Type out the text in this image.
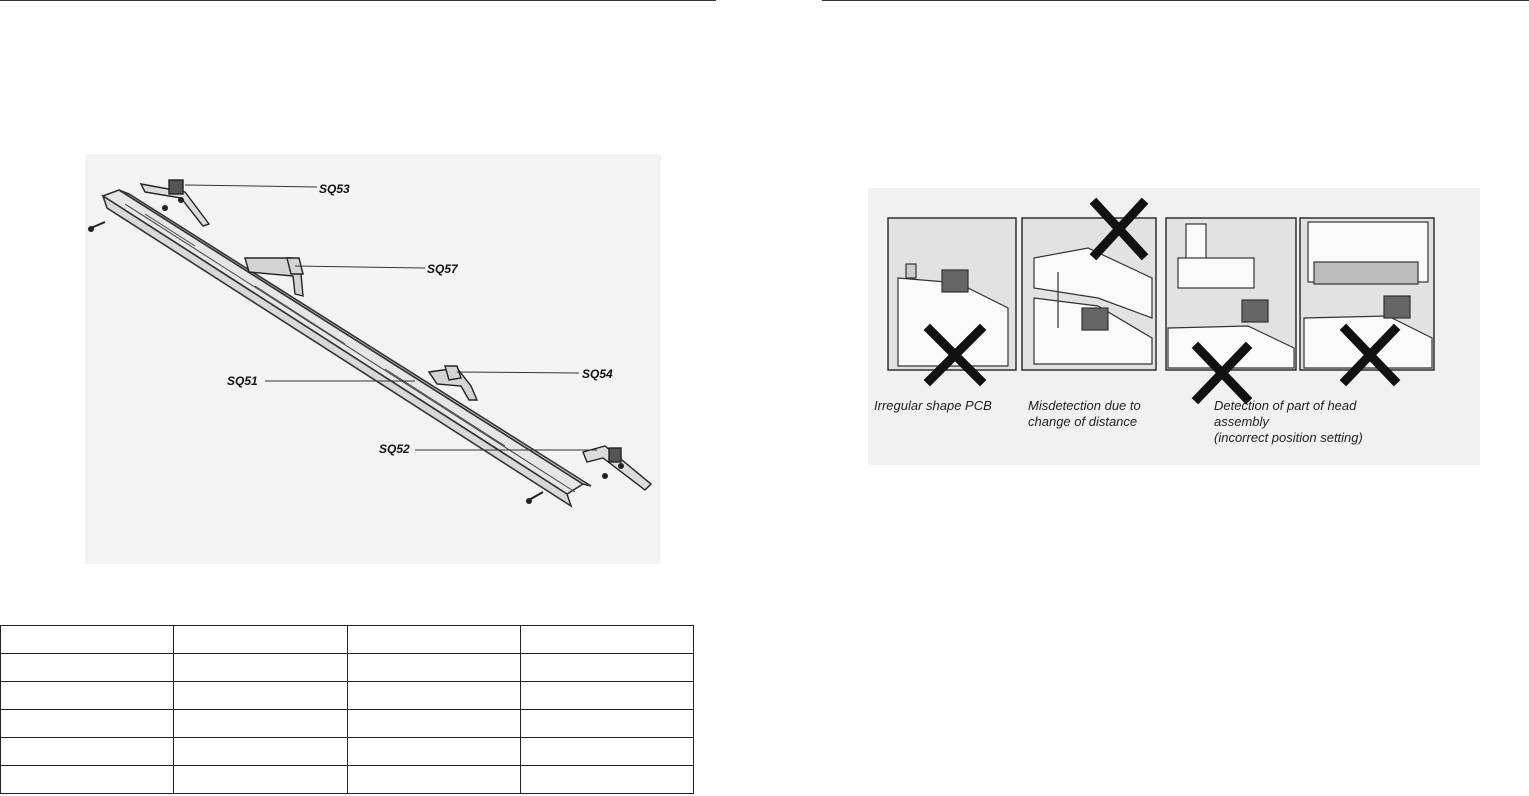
SQ53
SQ57
SQ51	SQ54
SQ52

Irregular shape PCB	Misdetection due to
change of distance
Detection of part of head
assembly
(incorrect position setting)
